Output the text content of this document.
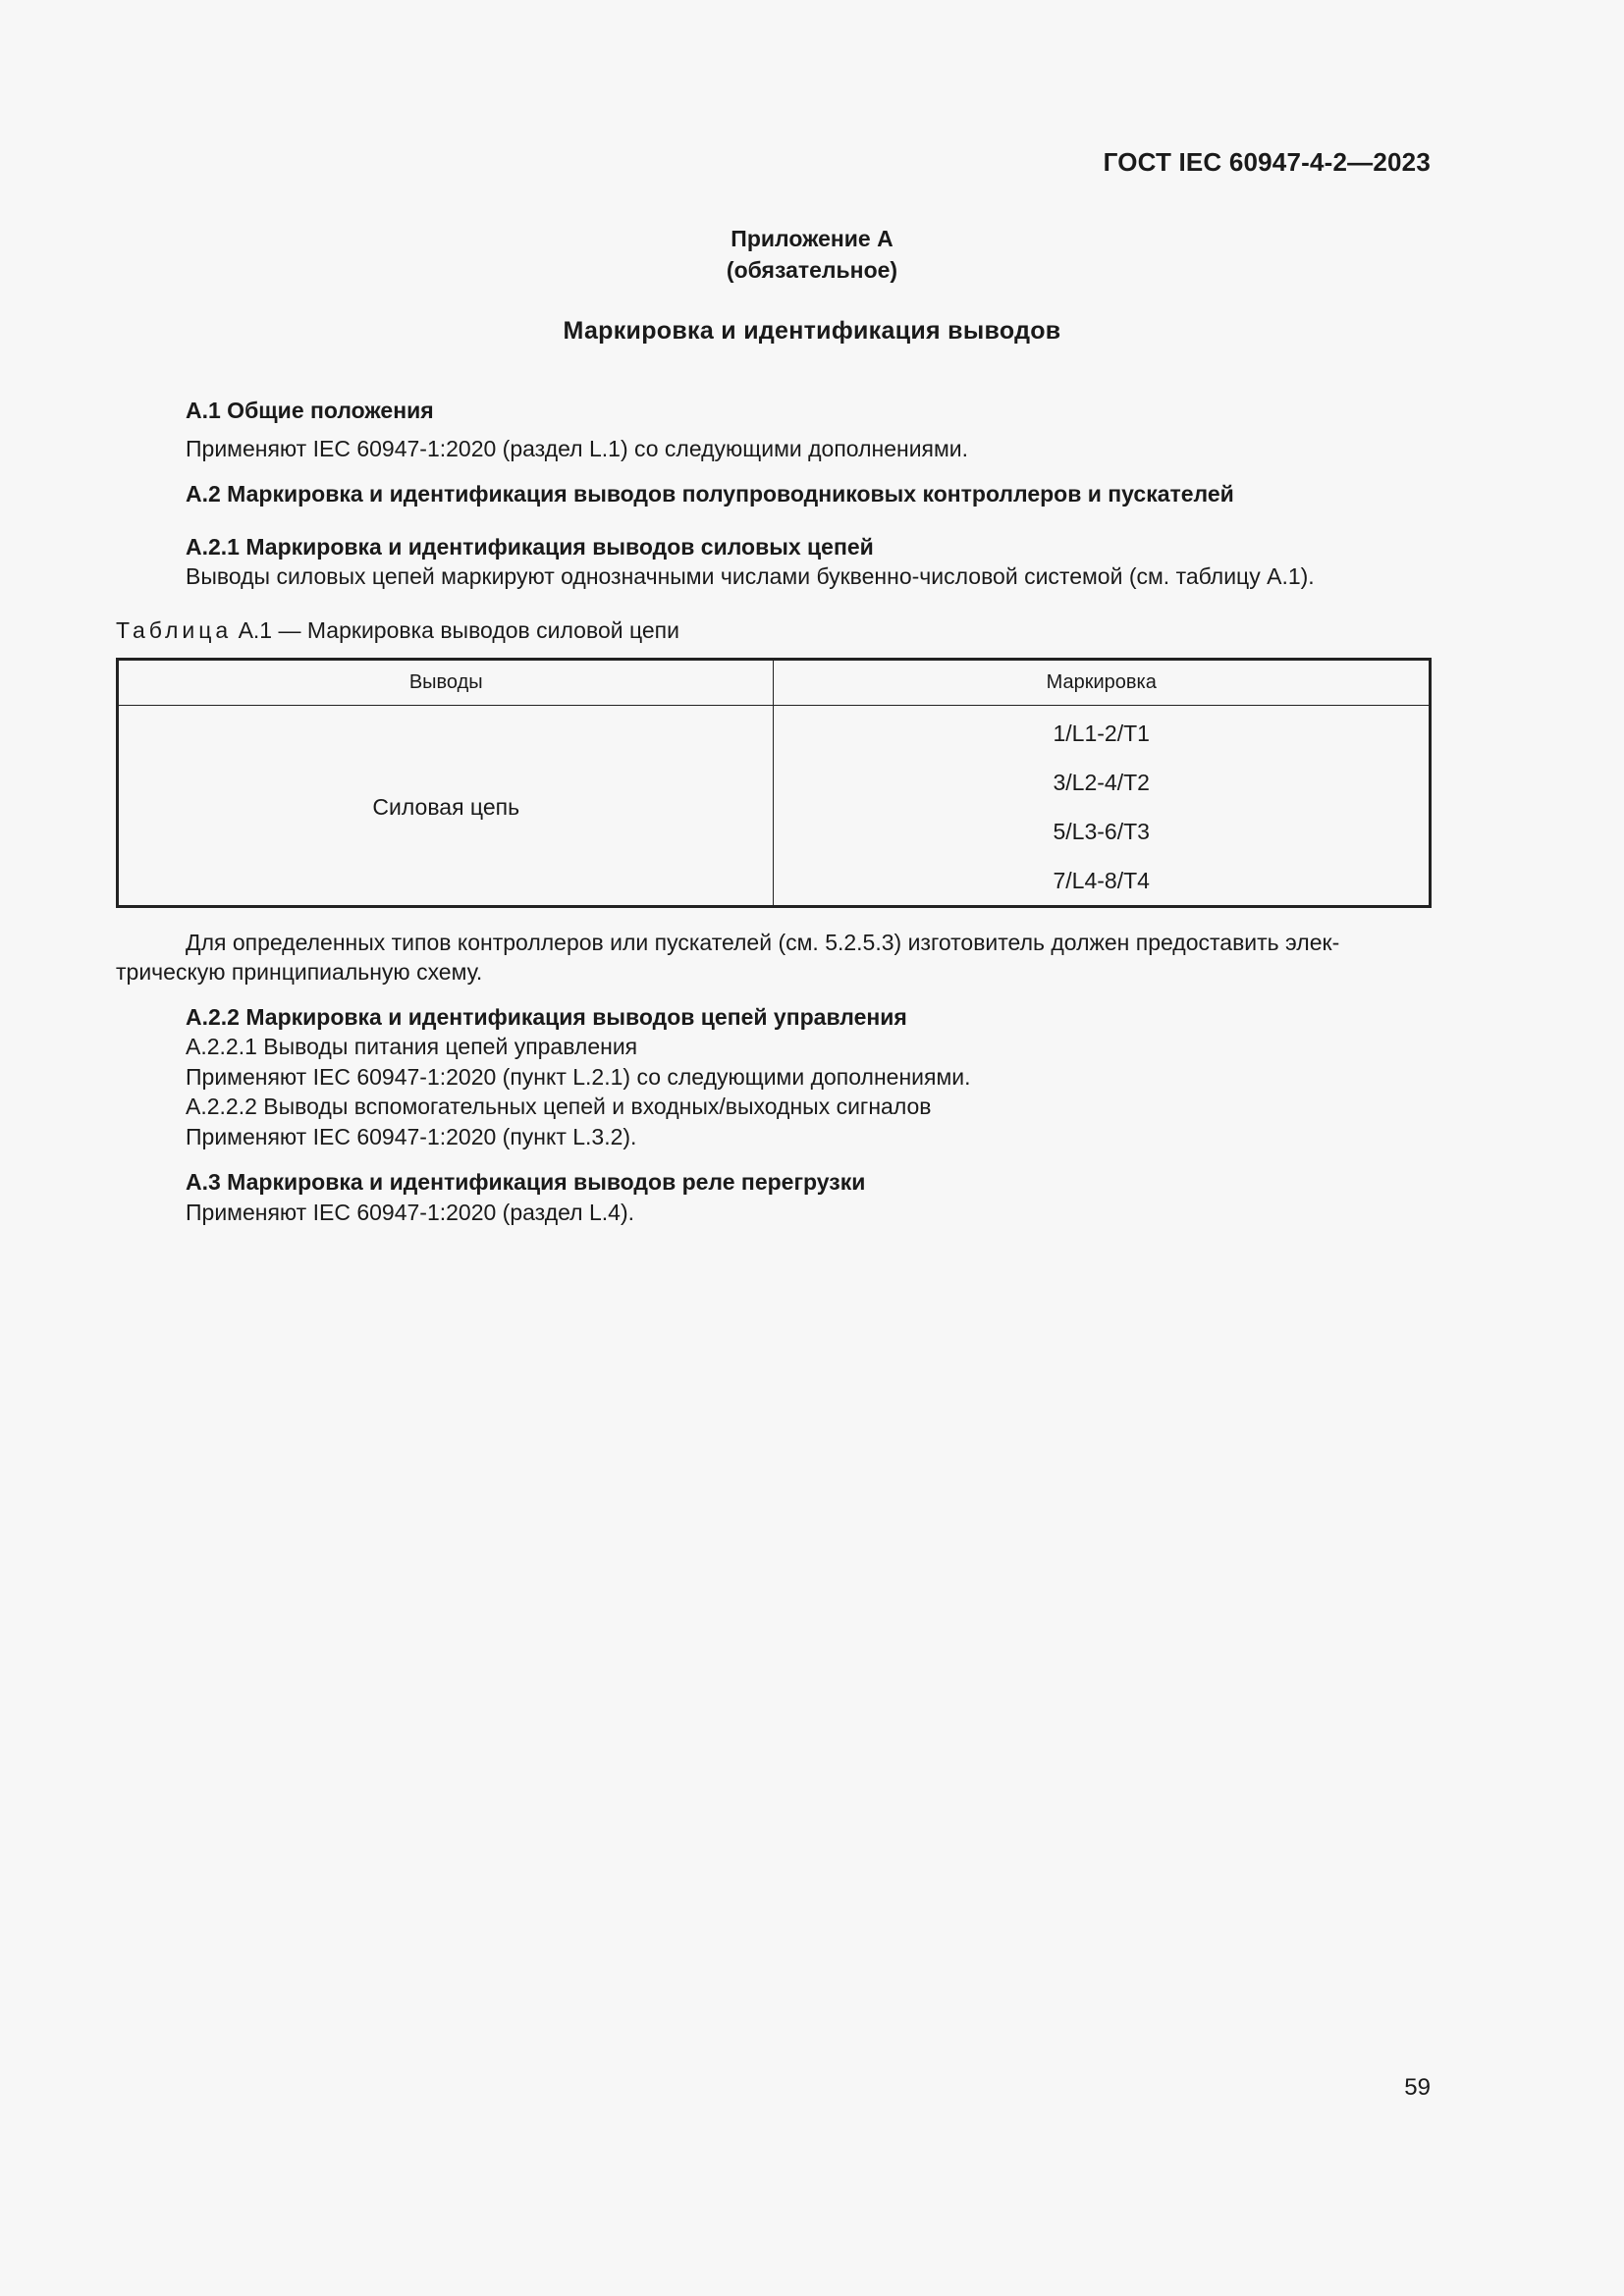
ГОСТ IEC 60947-4-2—2023
Приложение А
(обязательное)
Маркировка и идентификация выводов
А.1 Общие положения
Применяют IEC 60947-1:2020 (раздел L.1) со следующими дополнениями.
А.2 Маркировка и идентификация выводов полупроводниковых контроллеров и пускателей
А.2.1 Маркировка и идентификация выводов силовых цепей
Выводы силовых цепей маркируют однозначными числами буквенно-числовой системой (см. таблицу А.1).
Таблица А.1 — Маркировка выводов силовой цепи
Выводы	Маркировка

Силовая цепь	1/L1-2/T1
	3/L2-4/T2
	5/L3-6/T3
	7/L4-8/T4
Для определенных типов контроллеров или пускателей (см. 5.2.5.3) изготовитель должен предоставить элек-
трическую принципиальную схему.
А.2.2 Маркировка и идентификация выводов цепей управления
А.2.2.1 Выводы питания цепей управления
Применяют IEC 60947-1:2020 (пункт L.2.1) со следующими дополнениями.
А.2.2.2 Выводы вспомогательных цепей и входных/выходных сигналов
Применяют IEC 60947-1:2020 (пункт L.3.2).
А.3 Маркировка и идентификация выводов реле перегрузки
Применяют IEC 60947-1:2020 (раздел L.4).
59
